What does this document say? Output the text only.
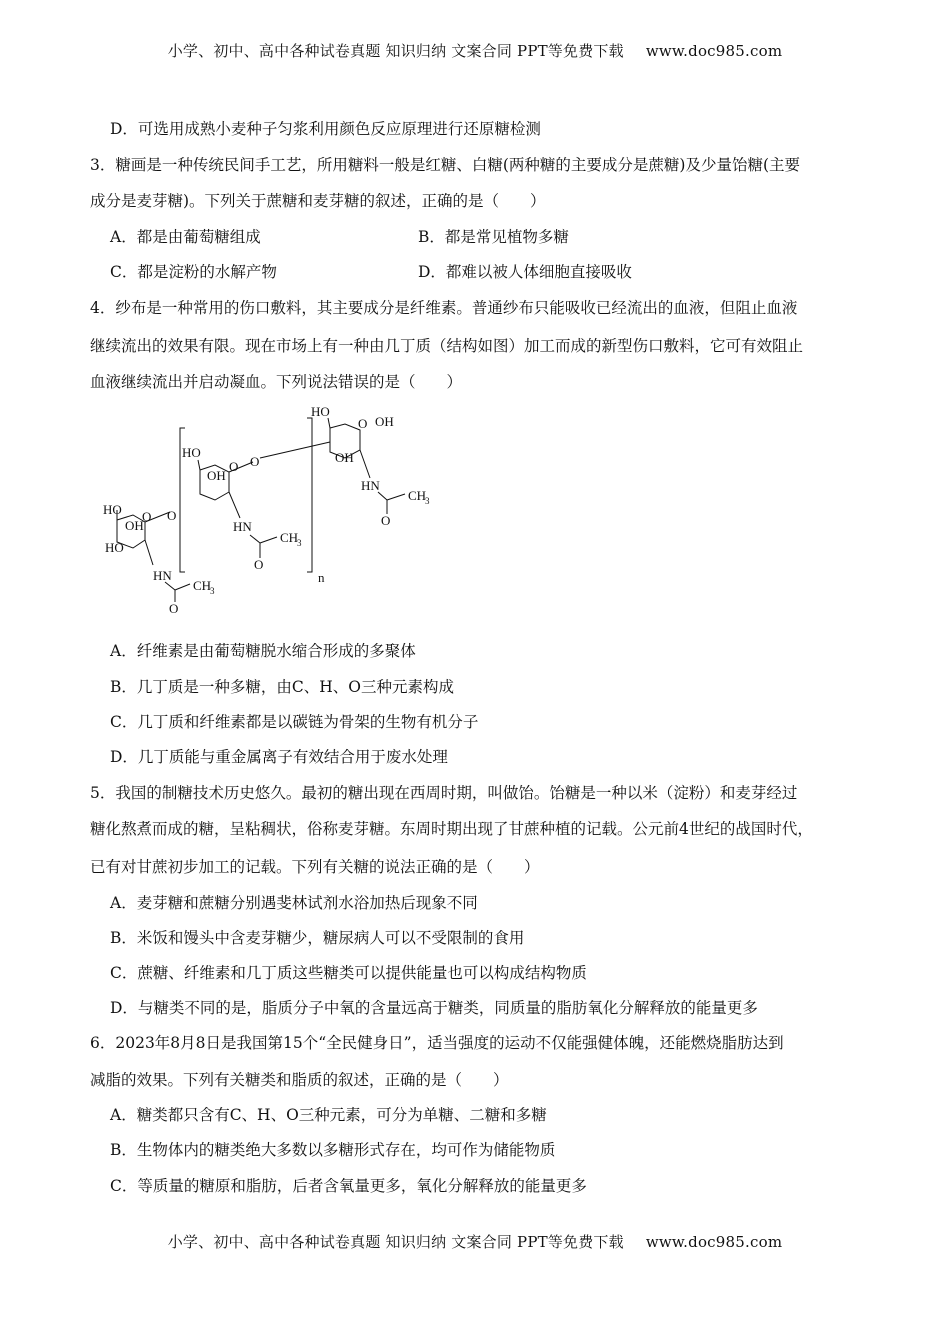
小学、初中、高中各种试卷真题 知识归纳 文案合同 PPT等免费下载 www.doc985.com
D．可选用成熟小麦种子匀浆利用颜色反应原理进行还原糖检测
3．糖画是一种传统民间手工艺，所用糖料一般是红糖、白糖(两种糖的主要成分是蔗糖)及少量饴糖(主要
成分是麦芽糖)。下列关于蔗糖和麦芽糖的叙述，正确的是（　　）
A．都是由葡萄糖组成	B．都是常见植物多糖
C．都是淀粉的水解产物	D．都难以被人体细胞直接吸收
4．纱布是一种常用的伤口敷料，其主要成分是纤维素。普通纱布只能吸收已经流出的血液，但阻止血液
继续流出的效果有限。现在市场上有一种由几丁质（结构如图）加工而成的新型伤口敷料，它可有效阻止
血液继续流出并启动凝血。下列说法错误的是（　　）
HO
OH
HO
O
HN
O
CH
3
O
HO
OH
O
HN
O
CH
3
O
n
HO
O OH
OH
HN
O
CH
3
A．纤维素是由葡萄糖脱水缩合形成的多聚体
B．几丁质是一种多糖，由C、H、O三种元素构成
C．几丁质和纤维素都是以碳链为骨架的生物有机分子
D．几丁质能与重金属离子有效结合用于废水处理
5．我国的制糖技术历史悠久。最初的糖出现在西周时期，叫做饴。饴糖是一种以米（淀粉）和麦芽经过
糖化熬煮而成的糖，呈粘稠状，俗称麦芽糖。东周时期出现了甘蔗种植的记载。公元前4世纪的战国时代，
已有对甘蔗初步加工的记载。下列有关糖的说法正确的是（　　）
A．麦芽糖和蔗糖分别遇斐林试剂水浴加热后现象不同
B．米饭和馒头中含麦芽糖少，糖尿病人可以不受限制的食用
C．蔗糖、纤维素和几丁质这些糖类可以提供能量也可以构成结构物质
D．与糖类不同的是，脂质分子中氧的含量远高于糖类，同质量的脂肪氧化分解释放的能量更多
6．2023年8月8日是我国第15个“全民健身日”，适当强度的运动不仅能强健体魄，还能燃烧脂肪达到
减脂的效果。下列有关糖类和脂质的叙述，正确的是（　　）
A．糖类都只含有C、H、O三种元素，可分为单糖、二糖和多糖
B．生物体内的糖类绝大多数以多糖形式存在，均可作为储能物质
C．等质量的糖原和脂肪，后者含氧量更多，氧化分解释放的能量更多
小学、初中、高中各种试卷真题 知识归纳 文案合同 PPT等免费下载 www.doc985.com
